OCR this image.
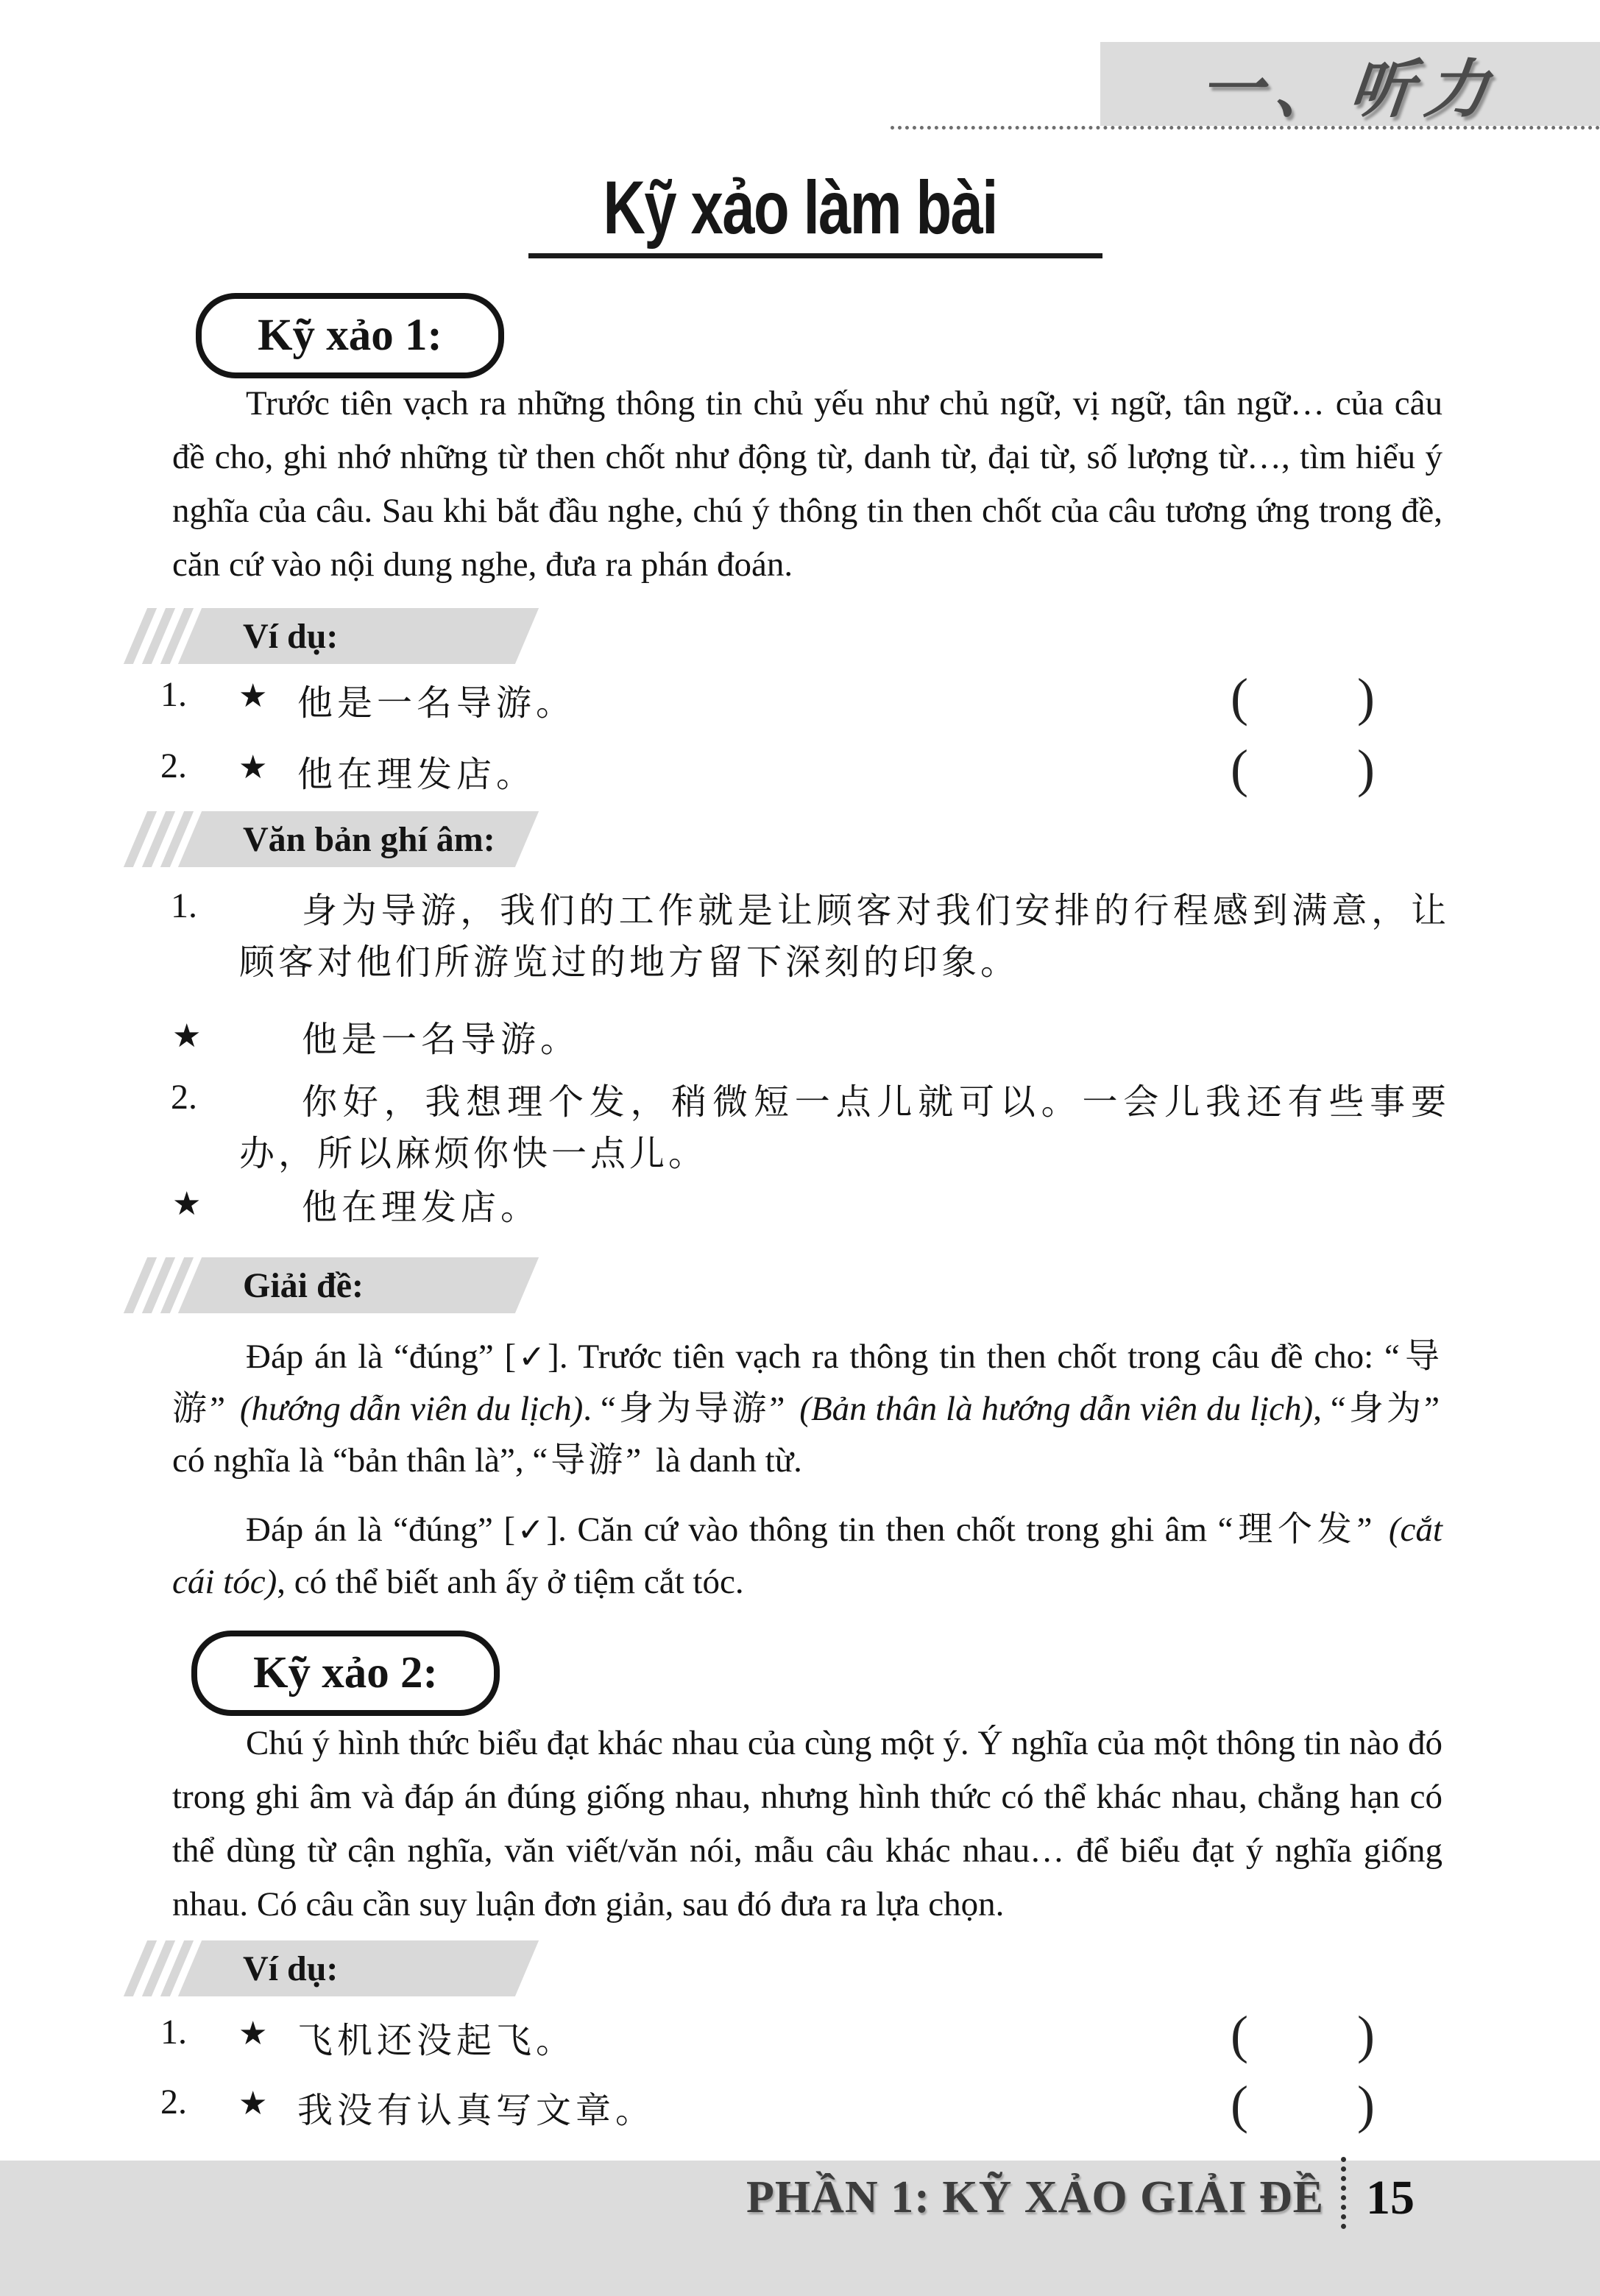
一、听力
Kỹ xảo làm bài
Kỹ xảo 1:
Trước tiên vạch ra những thông tin chủ yếu như chủ ngữ, vị ngữ, tân ngữ… của câu đề cho, ghi nhớ những từ then chốt như động từ, danh từ, đại từ, số lượng từ…, tìm hiểu ý nghĩa của câu. Sau khi bắt đầu nghe, chú ý thông tin then chốt của câu tương ứng trong đề, căn cứ vào nội dung nghe, đưa ra phán đoán.
Ví dụ:
1. ★ 他是一名导游。	( )
2. ★ 他在理发店。	( )
Văn bản ghí âm:
1.	身为导游，我们的工作就是让顾客对我们安排的行程感到满意，让顾客对他们所游览过的地方留下深刻的印象。
★	他是一名导游。
2.	你好，我想理个发，稍微短一点儿就可以。一会儿我还有些事要办，所以麻烦你快一点儿。
★	他在理发店。
Giải đề:
Đáp án là “đúng” [✓]. Trước tiên vạch ra thông tin then chốt trong câu đề cho: “导游” (hướng dẫn viên du lịch). “身为导游” (Bản thân là hướng dẫn viên du lịch), “身为” có nghĩa là “bản thân là”, “导游” là danh từ.
Đáp án là “đúng” [✓]. Căn cứ vào thông tin then chốt trong ghi âm “理个发” (cắt cái tóc), có thể biết anh ấy ở tiệm cắt tóc.
Kỹ xảo 2:
Chú ý hình thức biểu đạt khác nhau của cùng một ý. Ý nghĩa của một thông tin nào đó trong ghi âm và đáp án đúng giống nhau, nhưng hình thức có thể khác nhau, chẳng hạn có thể dùng từ cận nghĩa, văn viết/văn nói, mẫu câu khác nhau… để biểu đạt ý nghĩa giống nhau. Có câu cần suy luận đơn giản, sau đó đưa ra lựa chọn.
Ví dụ:
1. ★ 飞机还没起飞。	( )
2. ★ 我没有认真写文章。	( )
PHẦN 1: KỸ XẢO GIẢI ĐỀ 15
